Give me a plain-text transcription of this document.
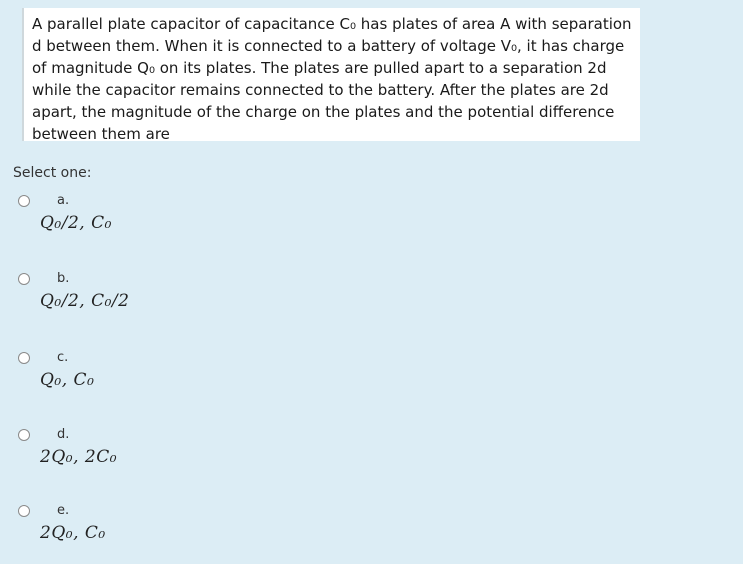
A parallel plate capacitor of capacitance C₀ has plates of area A with separation
d between them. When it is connected to a battery of voltage V₀, it has charge
of magnitude Q₀ on its plates. The plates are pulled apart to a separation 2d
while the capacitor remains connected to the battery. After the plates are 2d
apart, the magnitude of the charge on the plates and the potential difference
between them are

Select one:
a.
Q₀/2, C₀
b.
Q₀/2, C₀/2
c.
Q₀, C₀
d.
2Q₀, 2C₀
e.
2Q₀, C₀
